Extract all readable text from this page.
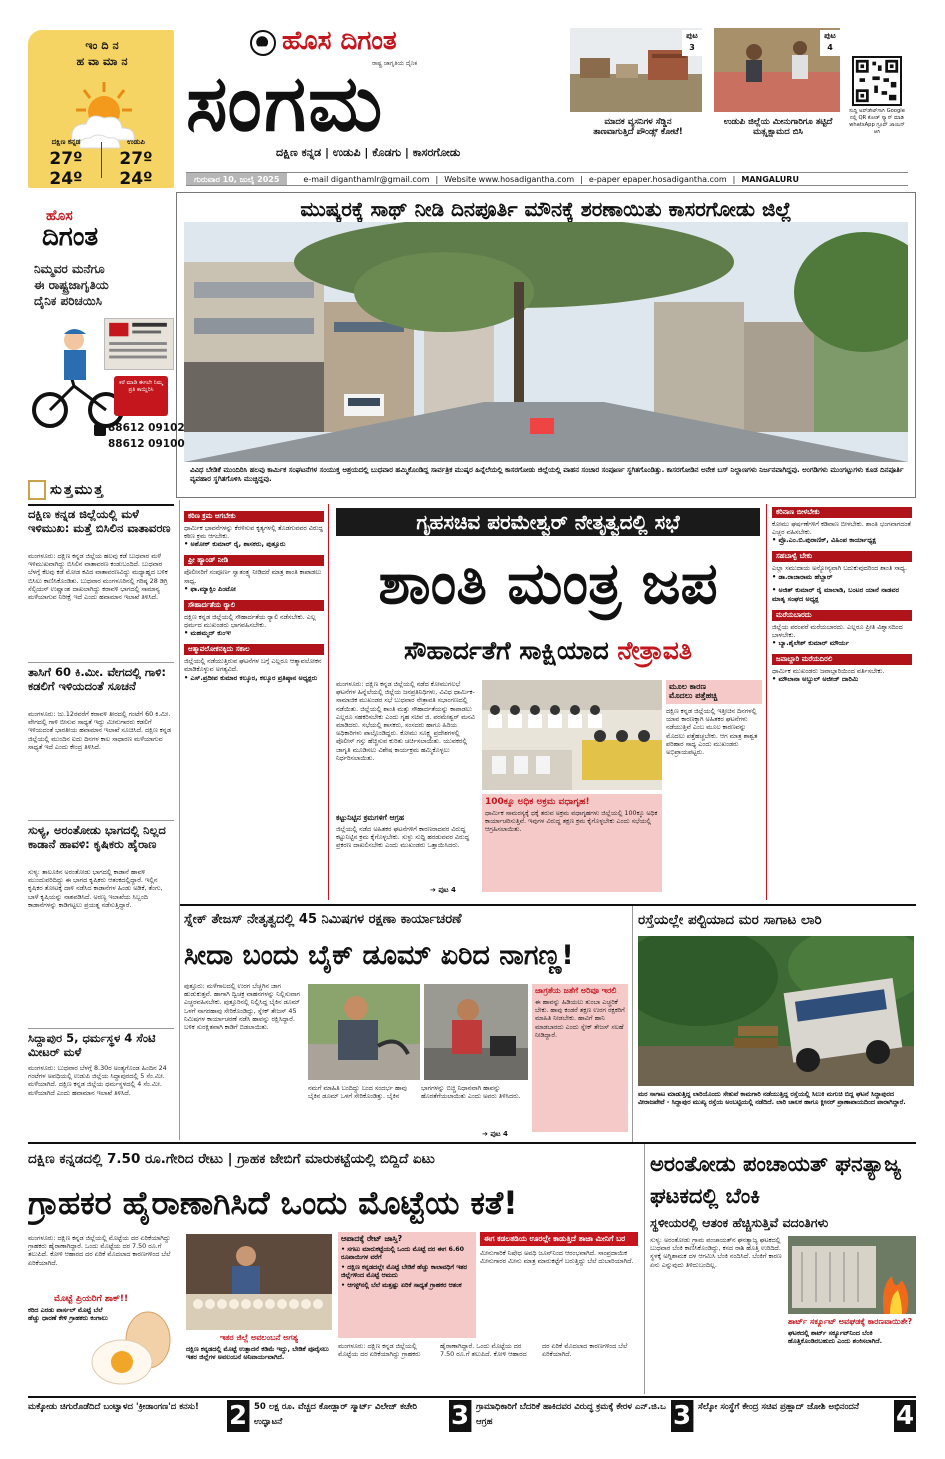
ಇಂದಿನ
ಹವಾಮಾನ
ದಕ್ಷಿಣ ಕನ್ನಡ
27º 24º
ಉಡುಪಿ
27º 24º
ಹೊಸ ದಿಗಂತ
ರಾಷ್ಟ್ರ ಜಾಗೃತಿಯ ದೈನಿಕ
ಸಂಗಮ
ದಕ್ಷಿಣ ಕನ್ನಡ | ಉಡುಪಿ | ಕೊಡಗು | ಕಾಸರಗೋಡು
ಪುಟ 3
ಮಾದಕ ವ್ಯಸನಿಗಳ ಸೆಡ್ಡಿನ ತಾಣವಾಗುತ್ತಿದೆ ಪೌಂಡ್ಸ್ ಕೋಟೆ!
ಪುಟ 4
ಉಡುಪಿ ಜಿಲ್ಲೆಯ ಮೀನುಗಾರಿಗೂ ತಟ್ಟಿದೆ ಮತ್ಸ್ಯಕ್ಷಾಮದ ಬಿಸಿ
ಸುದ್ದಿ ಅಪ್‌ಡೇಟ್‌ಗಾಗಿ Google ನಲ್ಲಿ QR ಕೋಡ್ ಸ್ಕ್ಯಾನ್ ಮಾಡಿ whatsApp ಗ್ರೂಪ್ ಜಾಯಿನ್ ಆಗಿ
ಗುರುವಾರ 10, ಜುಲೈ 2025	e-mail diganthamlr@gmail.com | Website www.hosadigantha.com | e-paper epaper.hosadigantha.com | MANGALURU
ಮುಷ್ಕರಕ್ಕೆ ಸಾಥ್ ನೀಡಿ ದಿನಪೂರ್ತಿ ಮೌನಕ್ಕೆ ಶರಣಾಯಿತು ಕಾಸರಗೋಡು ಜಿಲ್ಲೆ
ವಿವಿಧ ಬೇಡಿಕೆ ಮುಂದಿರಿಸಿ ಹಲವು ಕಾರ್ಮಿಕ ಸಂಘಟನೆಗಳ ಸಂಯುಕ್ತ ಆಶ್ರಯದಲ್ಲಿ ಬುಧವಾರ ಹಮ್ಮಿಕೊಂಡಿದ್ದ ಸಾರ್ವತ್ರಿಕ ಮುಷ್ಕರ ಹಿನ್ನೆಲೆಯಲ್ಲಿ ಕಾಸರಗೋಡು ಜಿಲ್ಲೆಯಲ್ಲಿ ವಾಹನ ಸಂಚಾರ ಸಂಪೂರ್ಣ ಸ್ಥಗಿತಗೊಂಡಿತ್ತು. ಕಾಸರಗೋಡಿನ ಅನೇಕ ಬಸ್ ನಿಲ್ದಾಣಗಳು ನಿರ್ಜನವಾಗಿದ್ದವು. ಅಂಗಡಿಗಳು ಮುಂಗಟ್ಟುಗಳು ಕೂಡ ದಿನಪೂರ್ತಿ ವ್ಯವಹಾರ ಸ್ಥಗಿತಗೊಳಿಸಿ ಮುಚ್ಚಿದ್ದವು.
ಹೊಸ
ದಿಗಂತ
ನಿಮ್ಮವರ ಮನೆಗೂ
ಈ ರಾಷ್ಟ್ರಜಾಗೃತಿಯ
ದೈನಿಕ ಪರಿಚಯಿಸಿ
ಕರೆ ಮಾಡಿ ಈಗಲೇ ನಿಮ್ಮ ಪ್ರತಿ ಕಾಯ್ದಿರಿಸಿ
88612 09102
88612 09100
ಸುತ್ತಮುತ್ತ
ದಕ್ಷಿಣ ಕನ್ನಡ ಜಿಲ್ಲೆಯಲ್ಲಿ ಮಳೆ ಇಳಿಮುಖ: ಮತ್ತೆ ಬಿಸಿಲಿನ ವಾತಾವರಣ
ಮಂಗಳೂರು: ದಕ್ಷಿಣ ಕನ್ನಡ ಜಿಲ್ಲೆಯ ಹಲವು ಕಡೆ ಬುಧವಾರ ಮಳೆ ಇಳಿಮುಖವಾಗಿದ್ದು ಬಿಸಿಲಿನ ವಾತಾವರಣ ಕಂಡುಬಂದಿದೆ. ಬುಧವಾರ ಬೆಳಗ್ಗೆ ಕೆಲವು ಕಡೆ ಮೋಡ ಕವಿದ ವಾತಾವರಣವಿದ್ದು ಮಧ್ಯಾಹ್ನದ ಬಳಿಕ ಬಿಸಿಲು ಕಾಣಿಸಿಕೊಂಡಿತು. ಬುಧವಾರ ಮಂಗಳೂರಿನಲ್ಲಿ ಗರಿಷ್ಠ 28 ಡಿಗ್ರಿ ಸೆಲ್ಸಿಯಸ್ ಉಷ್ಣಾಂಶ ದಾಖಲಾಗಿದ್ದು ಕರಾವಳಿ ಭಾಗದಲ್ಲಿ ಸಾಮಾನ್ಯ ಮಳೆಯಾಗುವ ನಿರೀಕ್ಷೆ ಇದೆ ಎಂದು ಹವಾಮಾನ ಇಲಾಖೆ ತಿಳಿಸಿದೆ.
ತಾಸಿಗೆ 60 ಕಿ.ಮೀ. ವೇಗದಲ್ಲಿ ಗಾಳಿ: ಕಡಲಿಗೆ ಇಳಿಯದಂತೆ ಸೂಚನೆ
ಮಂಗಳೂರು: ಜು.12ರವರೆಗೆ ಕರಾವಳಿ ತೀರದಲ್ಲಿ ಗಂಟೆಗೆ 60 ಕಿ.ಮೀ. ವೇಗದಲ್ಲಿ ಗಾಳಿ ಬೀಸುವ ಸಾಧ್ಯತೆ ಇದ್ದು ಮೀನುಗಾರರು ಕಡಲಿಗೆ ಇಳಿಯದಂತೆ ಭಾರತೀಯ ಹವಾಮಾನ ಇಲಾಖೆ ಸೂಚಿಸಿದೆ. ದಕ್ಷಿಣ ಕನ್ನಡ ಜಿಲ್ಲೆಯಲ್ಲಿ ಮುಂದಿನ ಐದು ದಿನಗಳ ಕಾಲ ಸಾಧಾರಣ ಮಳೆಯಾಗುವ ಸಾಧ್ಯತೆ ಇದೆ ಎಂದು ಕೇಂದ್ರ ತಿಳಿಸಿದೆ.
ಸುಳ್ಯ, ಅರಂತೋಡು ಭಾಗದಲ್ಲಿ ನಿಲ್ಲದ ಕಾಡಾನೆ ಹಾವಳಿ: ಕೃಷಿಕರು ಹೈರಾಣ
ಸುಳ್ಯ: ತಾಲೂಕಿನ ಅರಂತೋಡು ಭಾಗದಲ್ಲಿ ಕಾಡಾನೆ ಹಾವಳಿ ಮುಂದುವರಿದಿದ್ದು ಈ ಭಾಗದ ಕೃಷಿಕರು ಆತಂಕದಲ್ಲಿದ್ದಾರೆ. ಇಲ್ಲಿನ ಕೃಷಿಕರ ತೋಟಕ್ಕೆ ದಾಳಿ ನಡೆಸಿದ ಕಾಡಾನೆಗಳ ಹಿಂಡು ಅಡಿಕೆ, ತೆಂಗು, ಬಾಳೆ ಕೃಷಿಯನ್ನು ನಾಶಪಡಿಸಿದೆ. ಅರಣ್ಯ ಇಲಾಖೆಯ ಸಿಬ್ಬಂದಿ ಕಾಡಾನೆಗಳನ್ನು ಕಾಡಿಗಟ್ಟಲು ಪ್ರಯತ್ನ ನಡೆಸುತ್ತಿದ್ದಾರೆ.
ಸಿದ್ದಾಪುರ 5, ಧರ್ಮಸ್ಥಳ 4 ಸೆಂಟಿ ಮೀಟರ್ ಮಳೆ
ಮಂಗಳೂರು: ಬುಧವಾರ ಬೆಳಗ್ಗೆ 8.30ರ ಅಂತ್ಯಗೊಂಡ ಹಿಂದಿನ 24 ಗಂಟೆಗಳ ಅವಧಿಯಲ್ಲಿ ಉಡುಪಿ ಜಿಲ್ಲೆಯ ಸಿದ್ದಾಪುರದಲ್ಲಿ 5 ಸೆಂ.ಮೀ. ಮಳೆಯಾಗಿದೆ. ದಕ್ಷಿಣ ಕನ್ನಡ ಜಿಲ್ಲೆಯ ಧರ್ಮಸ್ಥಳದಲ್ಲಿ 4 ಸೆಂ.ಮೀ. ಮಳೆಯಾಗಿದೆ ಎಂದು ಹವಾಮಾನ ಇಲಾಖೆ ತಿಳಿಸಿದೆ.
ಕಠಿಣ ಕ್ರಮ ಆಗಬೇಕು
ಧಾರ್ಮಿಕ ಭಾವನೆಗಳನ್ನು ಕೆರಳಿಸುವ ಕೃತ್ಯಗಳಲ್ಲಿ ತೊಡಗುವವರ ವಿರುದ್ಧ ಕಠಿಣ ಕ್ರಮ ಆಗಬೇಕು.
• ಅಶೋಕ್ ಕುಮಾರ್ ರೈ, ಶಾಸಕರು, ಪುತ್ತೂರು
ಫ್ರೀ ಹ್ಯಾಂಡ್ ನೀಡಿ
ಪೊಲೀಸರಿಗೆ ಸಂಪೂರ್ಣ ಸ್ವಾತಂತ್ರ್ಯ ನೀಡಿದರೆ ಮಾತ್ರ ಶಾಂತಿ ಕಾಪಾಡಲು ಸಾಧ್ಯ.
• ಫಾ.ಮ್ಯಾಕ್ಸಿಂ ಪಿಂಟೋ
ಸೌಹಾರ್ದತೆಯ ರ‍್ಯಾಲಿ
ದಕ್ಷಿಣ ಕನ್ನಡ ಜಿಲ್ಲೆಯಲ್ಲಿ ಸೌಹಾರ್ದತೆಯ ರ‍್ಯಾಲಿ ನಡೆಸಬೇಕು. ಎಲ್ಲ ಧರ್ಮದ ಮುಖಂಡರು ಭಾಗವಹಿಸಬೇಕು.
• ಮಹಮ್ಮದ್ ಕುಂಞ
ಆತ್ಮಾವಲೋಕನಕ್ಕಿದು ಸಕಾಲ
ಜಿಲ್ಲೆಯಲ್ಲಿ ನಡೆಯುತ್ತಿರುವ ಘಟನೆಗಳ ಬಗ್ಗೆ ಎಲ್ಲರೂ ಆತ್ಮಾವಲೋಕನ ಮಾಡಿಕೊಳ್ಳುವ ಅಗತ್ಯವಿದೆ.
• ಎಸ್.ಪ್ರದೀಪ ಕುಮಾರ ಕಲ್ಕೂರ, ಕಲ್ಕೂರ ಪ್ರತಿಷ್ಠಾನ ಅಧ್ಯಕ್ಷರು
ಗೃಹಸಚಿವ ಪರಮೇಶ್ವರ್ ನೇತೃತ್ವದಲ್ಲಿ ಸಭೆ
ಶಾಂತಿ ಮಂತ್ರ ಜಪ
ಸೌಹಾರ್ದತೆಗೆ ಸಾಕ್ಷಿಯಾದ ನೇತ್ರಾವತಿ
ಮಂಗಳೂರು: ದಕ್ಷಿಣ ಕನ್ನಡ ಜಿಲ್ಲೆಯಲ್ಲಿ ನಡೆದ ಕೋಮುಗಲಭೆ ಘಟನೆಗಳ ಹಿನ್ನೆಲೆಯಲ್ಲಿ ಜಿಲ್ಲೆಯ ಜನಪ್ರತಿನಿಧಿಗಳು, ವಿವಿಧ ಧಾರ್ಮಿಕ-ಸಾಮಾಜಿಕ ಮುಖಂಡರ ಸಭೆ ಬುಧವಾರ ನೇತ್ರಾವತಿ ಸಭಾಂಗಣದಲ್ಲಿ ನಡೆಯಿತು. ಜಿಲ್ಲೆಯಲ್ಲಿ ಶಾಂತಿ ಮತ್ತು ಸೌಹಾರ್ದತೆಯನ್ನು ಕಾಪಾಡಲು ಎಲ್ಲರೂ ಸಹಕರಿಸಬೇಕು ಎಂದು ಗೃಹ ಸಚಿವ ಜಿ. ಪರಮೇಶ್ವರ್ ಮನವಿ ಮಾಡಿದರು. ಸಭೆಯಲ್ಲಿ ಶಾಸಕರು, ಸಂಸದರು ಹಾಗೂ ಹಿರಿಯ ಅಧಿಕಾರಿಗಳು ಪಾಲ್ಗೊಂಡಿದ್ದರು. ಕೋಮು ಸೂಕ್ಷ್ಮ ಪ್ರದೇಶಗಳಲ್ಲಿ ಪೊಲೀಸ್ ಗಸ್ತು ಹೆಚ್ಚಿಸುವ ಕುರಿತು ಚರ್ಚಿಸಲಾಯಿತು. ಯುವಕರಲ್ಲಿ ಜಾಗೃತಿ ಮೂಡಿಸಲು ವಿಶೇಷ ಕಾರ್ಯಕ್ರಮ ಹಮ್ಮಿಕೊಳ್ಳಲು ನಿರ್ಧರಿಸಲಾಯಿತು.
ಕಟ್ಟುನಿಟ್ಟಿನ ಕ್ರಮಗಳಿಗೆ ಆಗ್ರಹ
ಜಿಲ್ಲೆಯಲ್ಲಿ ನಡೆದ ಅಹಿತಕರ ಘಟನೆಗಳಿಗೆ ಕಾರಣರಾದವರ ವಿರುದ್ಧ ಕಟ್ಟುನಿಟ್ಟಿನ ಕ್ರಮ ಕೈಗೊಳ್ಳಬೇಕು. ಸುಳ್ಳು ಸುದ್ದಿ ಹರಡುವವರ ವಿರುದ್ಧ ಪ್ರಕರಣ ದಾಖಲಿಸಬೇಕು ಎಂದು ಮುಖಂಡರು ಒತ್ತಾಯಿಸಿದರು.
➔ ಪುಟ 4
100ಕ್ಕೂ ಅಧಿಕ ಅಕ್ರಮ ವಧಾಗೃಹ!
ಧಾರ್ಮಿಕ ಸಾಮರಸ್ಯಕ್ಕೆ ಧಕ್ಕೆ ತರುವ ಅಕ್ರಮ ವಧಾಗೃಹಗಳು ಜಿಲ್ಲೆಯಲ್ಲಿ 100ಕ್ಕೂ ಅಧಿಕ ಕಾರ್ಯಾಚರಿಸುತ್ತಿವೆ. ಇವುಗಳ ವಿರುದ್ಧ ತಕ್ಷಣ ಕ್ರಮ ಕೈಗೊಳ್ಳಬೇಕು ಎಂದು ಸಭೆಯಲ್ಲಿ ಆಗ್ರಹಿಸಲಾಯಿತು.
ಮೂಲ ಕಾರಣ
ಮೊದಲು ಪತ್ತೆಹಚ್ಚಿ
ದಕ್ಷಿಣ ಕನ್ನಡ ಜಿಲ್ಲೆಯಲ್ಲಿ ಇತ್ತೀಚಿನ ದಿನಗಳಲ್ಲಿ ಯಾವ ಕಾರಣಕ್ಕಾಗಿ ಅಹಿತಕರ ಘಟನೆಗಳು ನಡೆಯುತ್ತಿವೆ ಎಂಬ ಮೂಲ ಕಾರಣವನ್ನು ಮೊದಲು ಪತ್ತೆಹಚ್ಚಬೇಕು. ಆಗ ಮಾತ್ರ ಶಾಶ್ವತ ಪರಿಹಾರ ಸಾಧ್ಯ ಎಂದು ಮುಖಂಡರು ಅಭಿಪ್ರಾಯಪಟ್ಟರು.
ಕರಿನಾಣ ಬೀಳಬೇಕು
ಕೋಮು ಘರ್ಷಣೆಗಳಿಗೆ ಕಡಿವಾಣ ಬೀಳಬೇಕು. ಶಾಂತಿ ಭಂಗವಾಗದಂತೆ ಎಚ್ಚರ ವಹಿಸಬೇಕು.
• ಪ್ರೊ.ಎಂ.ಬಿ.ಪುರಾಣಿಕ್, ವಿಹಿಂಪ ಕಾರ್ಯಾಧ್ಯಕ್ಷ
ಸಹಬಾಳ್ವೆ ಬೇಕು
ಎಲ್ಲಾ ಸಮುದಾಯ ಅನ್ಯೋನ್ಯವಾಗಿ ಬದುಕುವುದರಿಂದ ಶಾಂತಿ ಸಾಧ್ಯ.
• ಡಾ.ರಾಜಾರಾಮ ಹೆಬ್ಬಾರ್
• ಅಜಿತ್ ಕುಮಾರ್ ರೈ ಮಾಲಾಡಿ, ಬಂಟರ ಯಾನೆ ನಾಡವರ ಮಾತೃ ಸಂಘದ ಅಧ್ಯಕ್ಷ
ಮರೆಯಬಾರದು
ಜಿಲ್ಲೆಯ ಪರಂಪರೆ ಮರೆಯಬಾರದು. ಎಲ್ಲರೂ ಪ್ರೀತಿ ವಿಶ್ವಾಸದಿಂದ ಬಾಳಬೇಕು.
• ಬ್ಯಾ.ಶೈಲೇಶ್ ಕುಮಾರ್ ಮೌರ್ಯ
ಜವಾಬ್ದಾರಿ ಮರೆಯದಿರಲಿ
ಧಾರ್ಮಿಕ ಮುಖಂಡರು ಜವಾಬ್ದಾರಿಯಿಂದ ವರ್ತಿಸಬೇಕು.
• ಮೌಲಾನಾ ಅಬ್ದುಲ್ ಅಜೀಜ್ ದಾರಿಮಿ
ಸ್ನೇಕ್ ತೇಜಸ್ ನೇತೃತ್ವದಲ್ಲಿ 45 ನಿಮಿಷಗಳ ರಕ್ಷಣಾ ಕಾರ್ಯಾಚರಣೆ
ಸೀದಾ ಬಂದು ಬೈಕ್ ಡೂಮ್ ಏರಿದ ನಾಗಣ್ಣ!
ಪುತ್ತೂರು: ಮಳೆಗಾಲದಲ್ಲಿ ಉರಗ ಬೆಚ್ಚಗಿನ ಜಾಗ ಹುಡುಕುತ್ತವೆ. ಹಾಗಾಗಿ ದ್ವಿಚಕ್ರ ವಾಹನಗಳನ್ನು ನಿಲ್ಲಿಸುವಾಗ ಎಚ್ಚರವಹಿಸಬೇಕು. ಪುತ್ತೂರಿನಲ್ಲಿ ನಿಲ್ಲಿಸಿದ್ದ ಬೈಕಿನ ಡೂಮ್ ಒಳಗೆ ನಾಗರಹಾವು ಸೇರಿಕೊಂಡಿದ್ದು, ಸ್ನೇಕ್ ತೇಜಸ್ 45 ನಿಮಿಷಗಳ ಕಾರ್ಯಾಚರಣೆ ನಡೆಸಿ ಹಾವನ್ನು ರಕ್ಷಿಸಿದ್ದಾರೆ. ಬಳಿಕ ಸುರಕ್ಷಿತವಾಗಿ ಕಾಡಿಗೆ ಬಿಡಲಾಯಿತು.
ನಮಗೆ ಮಾಹಿತಿ ಬಂದಿದ್ದು ಬಂದ ಸಂದರ್ಭ ಹಾವು ಬೈಕಿನ ಡೂಮ್ ಒಳಗೆ ಸೇರಿಕೊಂಡಿತ್ತು. ಬೈಕಿನ ಭಾಗಗಳನ್ನು ಬಿಚ್ಚಿ ನಿಧಾನವಾಗಿ ಹಾವನ್ನು ಹೊರತೆಗೆಯಲಾಯಿತು ಎಂದು ಅವರು ತಿಳಿಸಿದರು.
➔ ಪುಟ 4
ಜಾಗ್ರತೆಯ ಜತೆಗೆ ಅರಿವೂ ಇರಲಿ
ಈ ಹಾವನ್ನು ಹಿಡಿಯಲು ತುಂಬಾ ಎಚ್ಚರಿಕೆ ಬೇಕು. ಹಾವು ಕಂಡರೆ ತಕ್ಷಣ ಉರಗ ರಕ್ಷಕರಿಗೆ ಮಾಹಿತಿ ನೀಡಬೇಕು. ಹಾವಿಗೆ ಹಾನಿ ಮಾಡಬಾರದು ಎಂದು ಸ್ನೇಕ್ ತೇಜಸ್ ಸಲಹೆ ನೀಡಿದ್ದಾರೆ.
ರಸ್ತೆಯಲ್ಲೇ ಪಲ್ಟಿಯಾದ ಮರ ಸಾಗಾಟ ಲಾರಿ
ಮರ ಸಾಗಾಟ ಮಾಡುತ್ತಿದ್ದ ಲಾರಿಯೊಂದು ಸೇತುವೆ ಕಾಮಗಾರಿ ನಡೆಯುತ್ತಿದ್ದ ರಸ್ತೆಯಲ್ಲಿ ಸಿಲುಕಿ ಮಗುಚಿ ಬಿದ್ದ ಘಟನೆ ಸಿದ್ದಾಪುರದ ವೀರಾಜಪೇಟೆ - ಸಿದ್ದಾಪುರ ಮುಖ್ಯ ರಸ್ತೆಯ ಅಂಬಟ್ಟಿಯಲ್ಲಿ ನಡೆದಿದೆ. ಲಾರಿ ಚಾಲಕ ಹಾಗೂ ಕ್ಲೀನರ್ ಪ್ರಾಣಾಪಾಯದಿಂದ ಪಾರಾಗಿದ್ದಾರೆ.
ದಕ್ಷಿಣ ಕನ್ನಡದಲ್ಲಿ 7.50 ರೂ.ಗೇರಿದ ರೇಟು | ಗ್ರಾಹಕ ಜೇಬಿಗೆ ಮಾರುಕಟ್ಟೆಯಲ್ಲಿ ಬಿದ್ದಿದೆ ಏಟು
ಗ್ರಾಹಕರ ಹೈರಾಣಾಗಿಸಿದೆ ಒಂದು ಮೊಟ್ಟೆಯ ಕತೆ!
ಮಂಗಳೂರು: ದಕ್ಷಿಣ ಕನ್ನಡ ಜಿಲ್ಲೆಯಲ್ಲಿ ಮೊಟ್ಟೆಯ ದರ ಏರಿಕೆಯಾಗಿದ್ದು ಗ್ರಾಹಕರು ಹೈರಾಣಾಗಿದ್ದಾರೆ. ಒಂದು ಮೊಟ್ಟೆಯ ದರ 7.50 ರೂ.ಗೆ ತಲುಪಿದೆ. ಕೋಳಿ ಆಹಾರದ ದರ ಏರಿಕೆ ಮೊದಲಾದ ಕಾರಣಗಳಿಂದ ಬೆಲೆ ಏರಿಕೆಯಾಗಿದೆ.
ಮೊಟ್ಟೆ ಪ್ರಿಯರಿಗೆ ಶಾಕ್!!
ಕರಿದ ಎರಡು ಪಾರ್ಸಲ್ ಮೊಟ್ಟೆ ಬೆಲೆ ಹೆಚ್ಚು ಧಾರಣೆ ಕೇಳಿ ಗ್ರಾಹಕರು ಕಂಗಾಲು
ಇತರ ಜಿಲ್ಲೆ ಅವಲಂಬನೆ ಅಗತ್ಯ
ದಕ್ಷಿಣ ಕನ್ನಡದಲ್ಲಿ ಮೊಟ್ಟೆ ಉತ್ಪಾದನೆ ಕಡಿಮೆ ಇದ್ದು, ಬೇಡಿಕೆ ಪೂರೈಸಲು ಇತರ ಜಿಲ್ಲೆಗಳ ಅವಲಂಬನೆ ಅನಿವಾರ್ಯವಾಗಿದೆ.
ಆಪಾದಕ್ಕೆ ರೇಟ್ ಜಾಸ್ತಿ?
• ಸಗಟು ಮಾರುಕಟ್ಟೆಯಲ್ಲಿ ಒಂದು ಮೊಟ್ಟೆ ದರ ಈಗ 6.60 ರೂಪಾಯಿಗಳ ವರೆಗೆ
• ದಕ್ಷಿಣ ಕನ್ನಡದಲ್ಲೇ ಮೊಟ್ಟೆ ಬೇಡಿಕೆ ಹೆಚ್ಚು ಕಾಲಾವಧಿಗೆ ಇತರ ಜಿಲ್ಲೆಗಳಿಂದ ಮೊಟ್ಟೆ ಆಮದು
• ಆಗಸ್ಟ್‌ನಲ್ಲಿ ಬೆಲೆ ಮತ್ತಷ್ಟು ಏರಿಕೆ ಸಾಧ್ಯತೆ ಗ್ರಾಹಕರ ಆತಂಕ
ಈಗ ಕಡಲತಡಿಯ ಊರಲ್ಲೇ ಕಾಡುತ್ತಿದೆ ತಾಜಾ ಮೀನಿಗೆ ಬರ
ಮೀನುಗಾರಿಕೆ ನಿಷೇಧ ಅವಧಿ ಜೂನ್‌ನಿಂದ ಆರಂಭವಾಗಿದೆ. ಸಾಂಪ್ರದಾಯಿಕ ಮೀನುಗಾರರ ಮೀನು ಮಾತ್ರ ಮಾರುಕಟ್ಟೆಗೆ ಬರುತ್ತಿದ್ದು ಬೆಲೆ ದುಬಾರಿಯಾಗಿದೆ.
ಮಂಗಳೂರು: ದಕ್ಷಿಣ ಕನ್ನಡ ಜಿಲ್ಲೆಯಲ್ಲಿ ಮೊಟ್ಟೆಯ ದರ ಏರಿಕೆಯಾಗಿದ್ದು ಗ್ರಾಹಕರು ಹೈರಾಣಾಗಿದ್ದಾರೆ. ಒಂದು ಮೊಟ್ಟೆಯ ದರ 7.50 ರೂ.ಗೆ ತಲುಪಿದೆ. ಕೋಳಿ ಆಹಾರದ ದರ ಏರಿಕೆ ಮೊದಲಾದ ಕಾರಣಗಳಿಂದ ಬೆಲೆ ಏರಿಕೆಯಾಗಿದೆ.
ಅರಂತೋಡು ಪಂಚಾಯತ್ ಘನತ್ಯಾಜ್ಯ ಘಟಕದಲ್ಲಿ ಬೆಂಕಿ
ಸ್ಥಳೀಯರಲ್ಲಿ ಆತಂಕ ಹೆಚ್ಚಿಸುತ್ತಿವೆ ವದಂತಿಗಳು
ಸುಳ್ಯ: ಅರಂತೋಡು ಗ್ರಾಮ ಪಂಚಾಯತ್‌ನ ಘನತ್ಯಾಜ್ಯ ಘಟಕದಲ್ಲಿ ಬುಧವಾರ ಬೆಂಕಿ ಕಾಣಿಸಿಕೊಂಡಿದ್ದು, ಕಸದ ರಾಶಿ ಹೊತ್ತಿ ಉರಿದಿದೆ. ಸ್ಥಳಕ್ಕೆ ಅಗ್ನಿಶಾಮಕ ದಳ ಆಗಮಿಸಿ ಬೆಂಕಿ ನಂದಿಸಿದೆ. ಬೆಂಕಿಗೆ ಕಾರಣ ಏನು ಎನ್ನುವುದು ತಿಳಿದುಬಂದಿಲ್ಲ.
ಶಾರ್ಟ್ ಸರ್ಕ್ಯೂಟ್ ಅವಘಡಕ್ಕೆ ಕಾರಣವಾಯಿತೇ?
ಘಟಕದಲ್ಲಿ ಶಾರ್ಟ್ ಸರ್ಕ್ಯೂಟ್‌ನಿಂದ ಬೆಂಕಿ ಹೊತ್ತಿಕೊಂಡಿರಬಹುದು ಎಂದು ಶಂಕಿಸಲಾಗಿದೆ.
ಮಕ್ಕೋಡು ಚಿಗುರೊಡೆದಿದೆ ಬಂಟ್ವಾಳದ 'ಕ್ರೀಡಾಂಗಣ'ದ ಕನಸು!	2 50 ಲಕ್ಷ ರೂ. ವೆಚ್ಚದ ಕೋಡ್ಲಾರ್ ಸ್ಮಾರ್ಟ್ ವಿಲೇಜ್ ಕಚೇರಿ ಉದ್ಘಾಟನೆ	3 ಗ್ರಾಮಾಧಿಕಾರಿಗೆ ಬೆದರಿಕೆ ಹಾಕಿದವರ ವಿರುದ್ಧ ಕ್ರಮಕ್ಕೆ ಕೇರಳ ಎನ್.ಜಿ.ಒ ಆಗ್ರಹ	3 ಸೆಲ್ಕೋ ಸಂಸ್ಥೆಗೆ ಕೇಂದ್ರ ಸಚಿವ ಪ್ರಹ್ಲಾದ್ ಜೋಶಿ ಅಭಿನಂದನೆ	4
